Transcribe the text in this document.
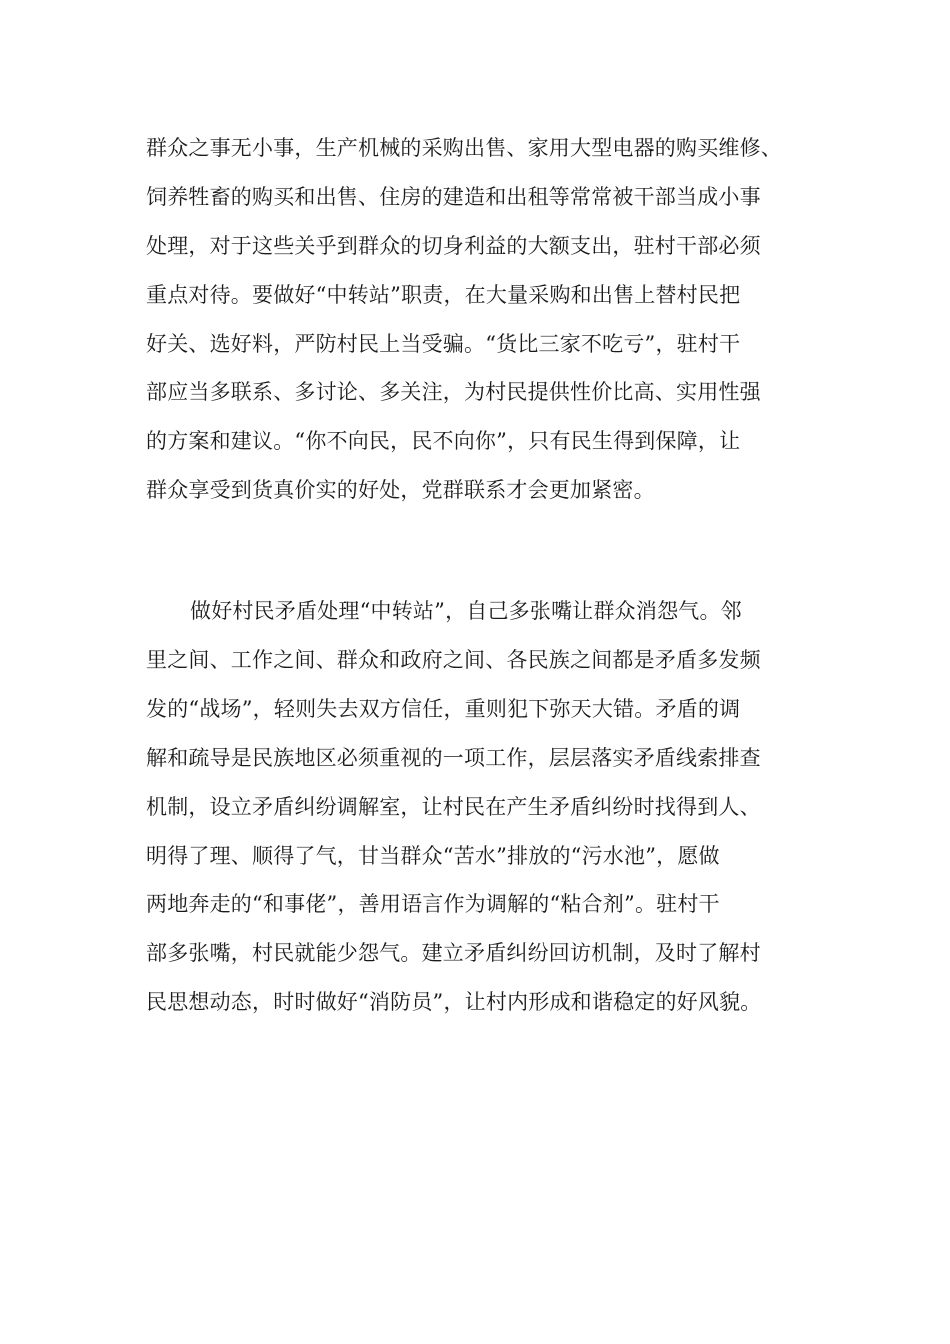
群众之事无小事，生产机械的采购出售、家用大型电器的购买维修、
饲养牲畜的购买和出售、住房的建造和出租等常常被干部当成小事
处理，对于这些关乎到群众的切身利益的大额支出，驻村干部必须
重点对待。要做好“中转站”职责，在大量采购和出售上替村民把
好关、选好料，严防村民上当受骗。“货比三家不吃亏”，驻村干
部应当多联系、多讨论、多关注，为村民提供性价比高、实用性强
的方案和建议。“你不向民，民不向你”，只有民生得到保障，让
群众享受到货真价实的好处，党群联系才会更加紧密。
做好村民矛盾处理“中转站”，自己多张嘴让群众消怨气。邻
里之间、工作之间、群众和政府之间、各民族之间都是矛盾多发频
发的“战场”，轻则失去双方信任，重则犯下弥天大错。矛盾的调
解和疏导是民族地区必须重视的一项工作，层层落实矛盾线索排查
机制，设立矛盾纠纷调解室，让村民在产生矛盾纠纷时找得到人、
明得了理、顺得了气，甘当群众“苦水”排放的“污水池”，愿做
两地奔走的“和事佬”，善用语言作为调解的“粘合剂”。驻村干
部多张嘴，村民就能少怨气。建立矛盾纠纷回访机制，及时了解村
民思想动态，时时做好“消防员”，让村内形成和谐稳定的好风貌。
